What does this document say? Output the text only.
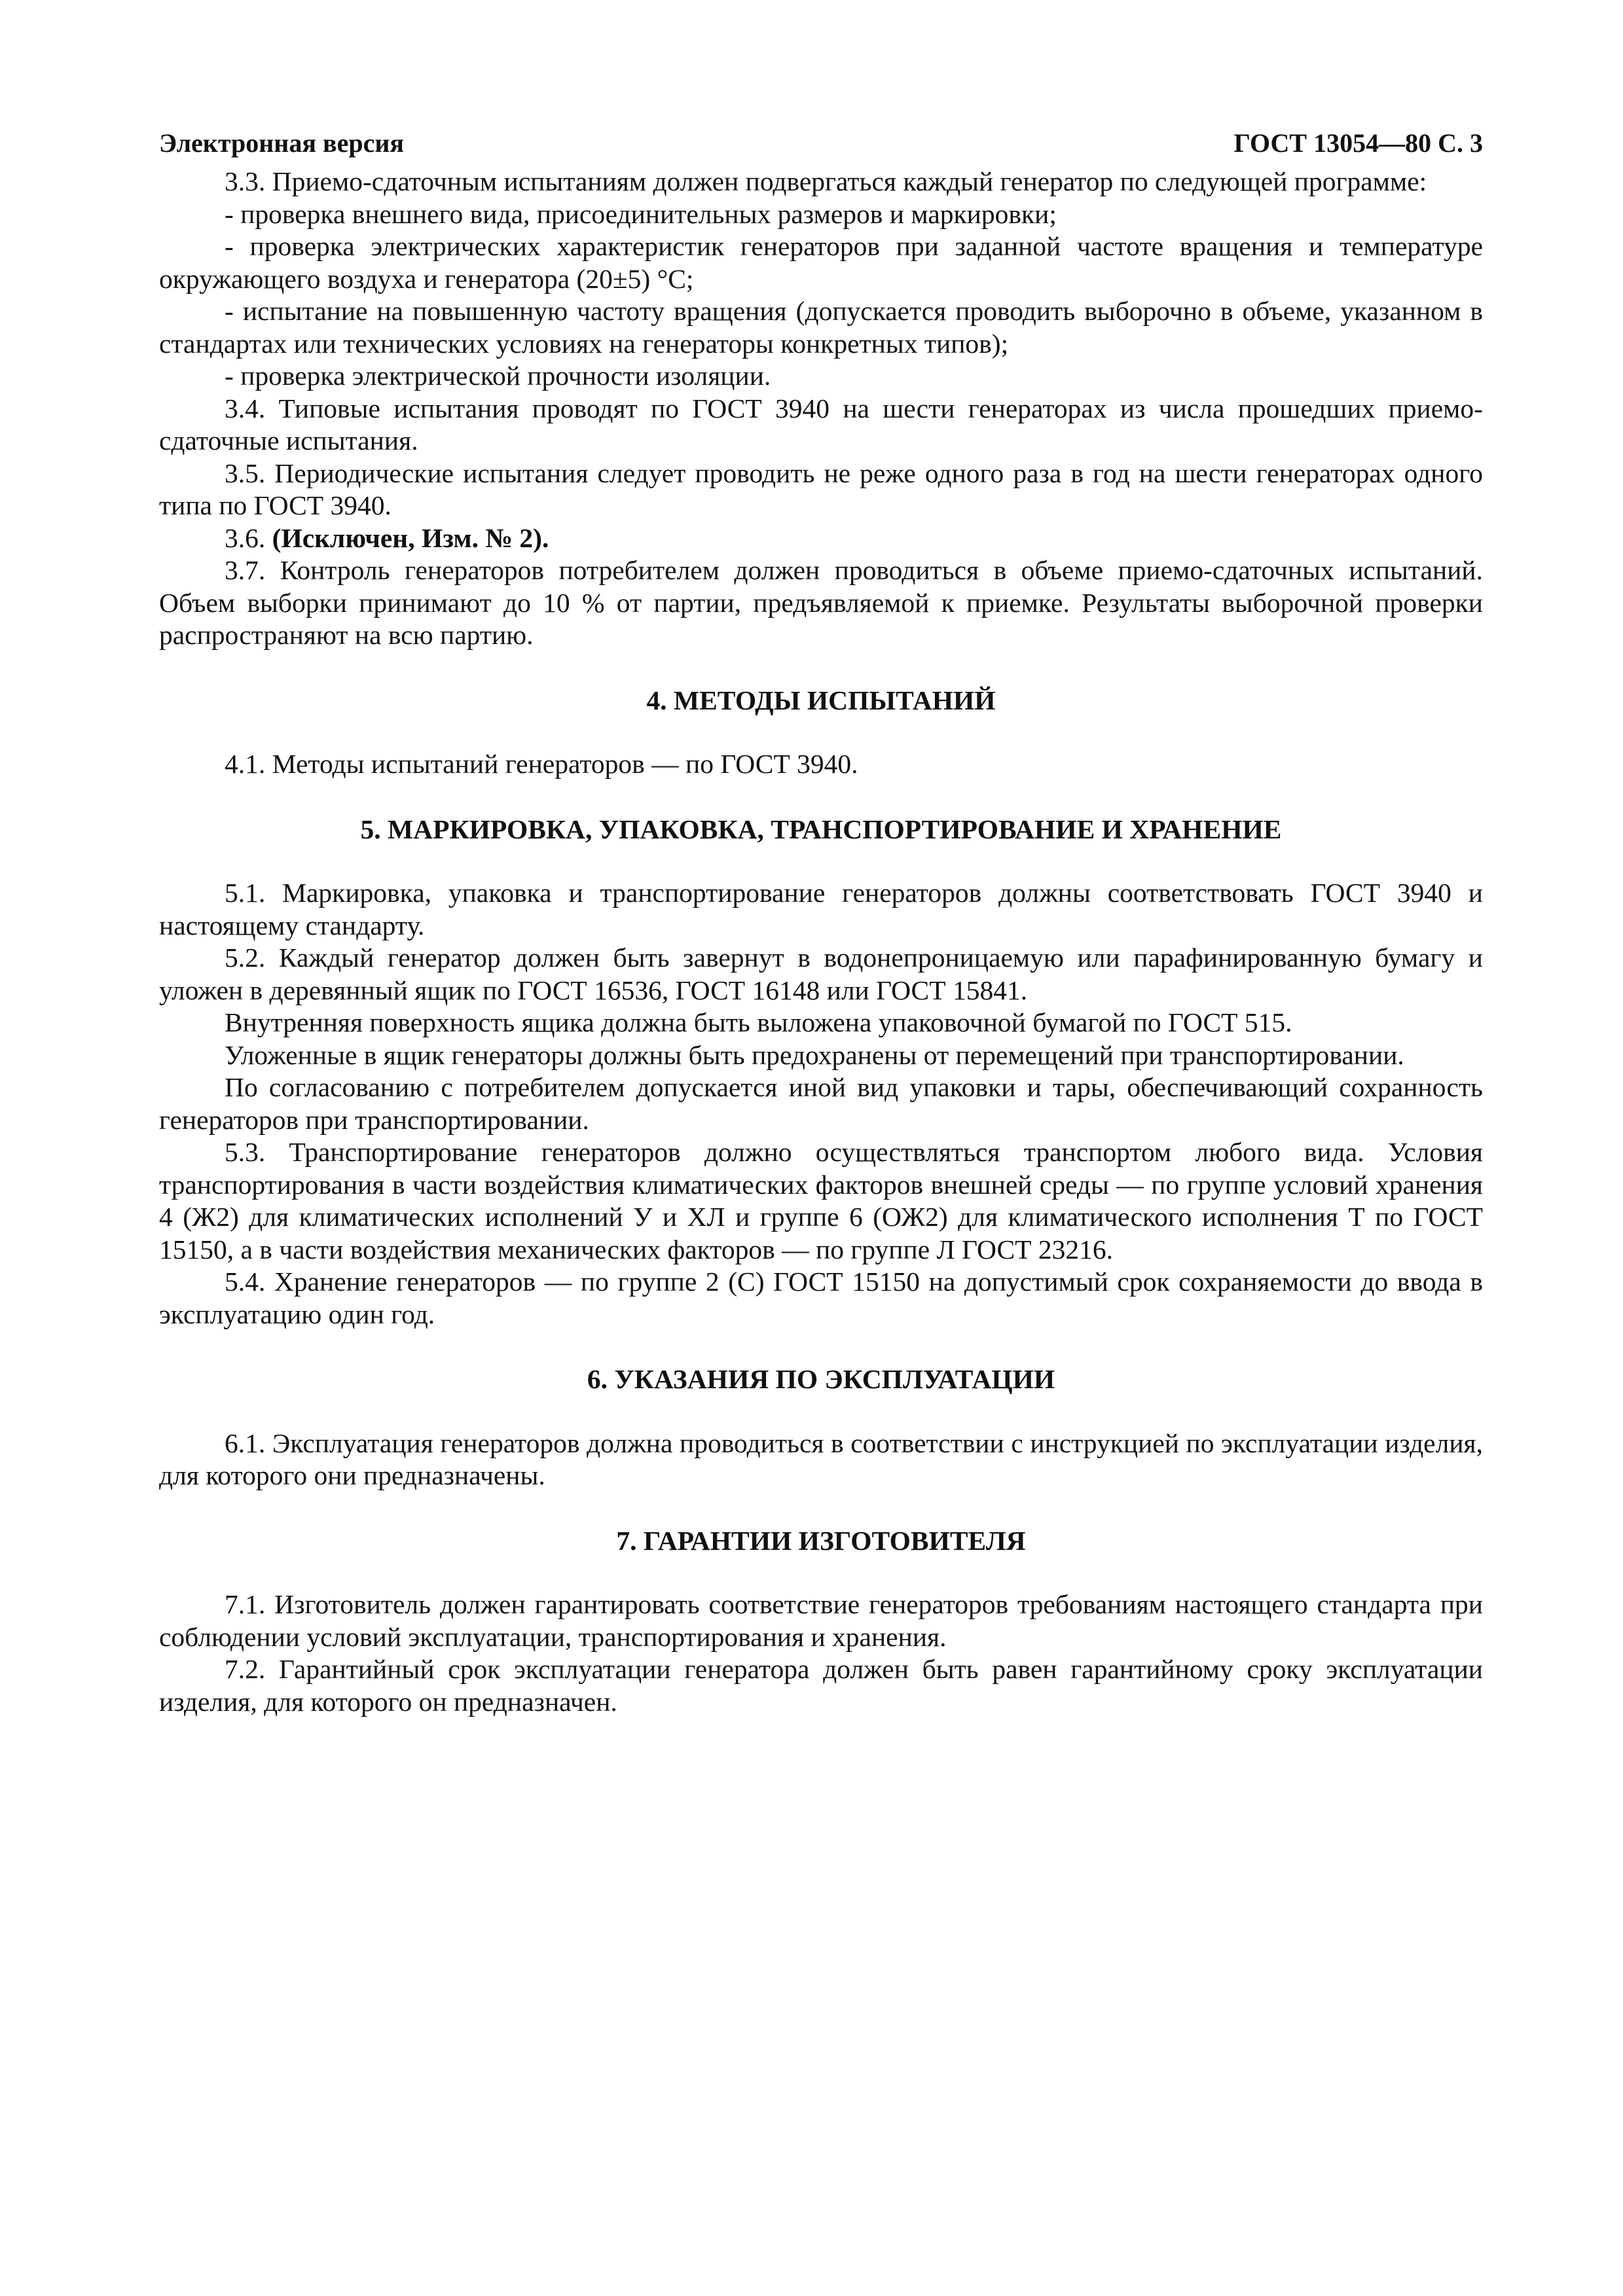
Электронная версия	ГОСТ 13054—80 С. 3

3.3. Приемо-сдаточным испытаниям должен подвергаться каждый генератор по следующей программе:

- проверка внешнего вида, присоединительных размеров и маркировки;

- проверка электрических характеристик генераторов при заданной частоте вращения и температуре окружающего воздуха и генератора (20±5) °С;

- испытание на повышенную частоту вращения (допускается проводить выборочно в объеме, указанном в стандартах или технических условиях на генераторы конкретных типов);

- проверка электрической прочности изоляции.

3.4. Типовые испытания проводят по ГОСТ 3940 на шести генераторах из числа прошедших приемо-сдаточные испытания.

3.5. Периодические испытания следует проводить не реже одного раза в год на шести генераторах одного типа по ГОСТ 3940.

3.6. (Исключен, Изм. № 2).

3.7. Контроль генераторов потребителем должен проводиться в объеме приемо-сдаточных испытаний. Объем выборки принимают до 10 % от партии, предъявляемой к приемке. Результаты выборочной проверки распространяют на всю партию.

4. МЕТОДЫ ИСПЫТАНИЙ

4.1. Методы испытаний генераторов — по ГОСТ 3940.

5. МАРКИРОВКА, УПАКОВКА, ТРАНСПОРТИРОВАНИЕ И ХРАНЕНИЕ

5.1. Маркировка, упаковка и транспортирование генераторов должны соответствовать ГОСТ 3940 и настоящему стандарту.

5.2. Каждый генератор должен быть завернут в водонепроницаемую или парафинированную бумагу и уложен в деревянный ящик по ГОСТ 16536, ГОСТ 16148 или ГОСТ 15841.

Внутренняя поверхность ящика должна быть выложена упаковочной бумагой по ГОСТ 515.

Уложенные в ящик генераторы должны быть предохранены от перемещений при транспортировании.

По согласованию с потребителем допускается иной вид упаковки и тары, обеспечивающий сохранность генераторов при транспортировании.

5.3. Транспортирование генераторов должно осуществляться транспортом любого вида. Условия транспортирования в части воздействия климатических факторов внешней среды — по группе условий хранения 4 (Ж2) для климатических исполнений У и ХЛ и группе 6 (ОЖ2) для климатического исполнения Т по ГОСТ 15150, а в части воздействия механических факторов — по группе Л ГОСТ 23216.

5.4. Хранение генераторов — по группе 2 (С) ГОСТ 15150 на допустимый срок сохраняемости до ввода в эксплуатацию один год.

6. УКАЗАНИЯ ПО ЭКСПЛУАТАЦИИ

6.1. Эксплуатация генераторов должна проводиться в соответствии с инструкцией по эксплуатации изделия, для которого они предназначены.

7. ГАРАНТИИ ИЗГОТОВИТЕЛЯ

7.1. Изготовитель должен гарантировать соответствие генераторов требованиям настоящего стандарта при соблюдении условий эксплуатации, транспортирования и хранения.

7.2. Гарантийный срок эксплуатации генератора должен быть равен гарантийному сроку эксплуатации изделия, для которого он предназначен.
